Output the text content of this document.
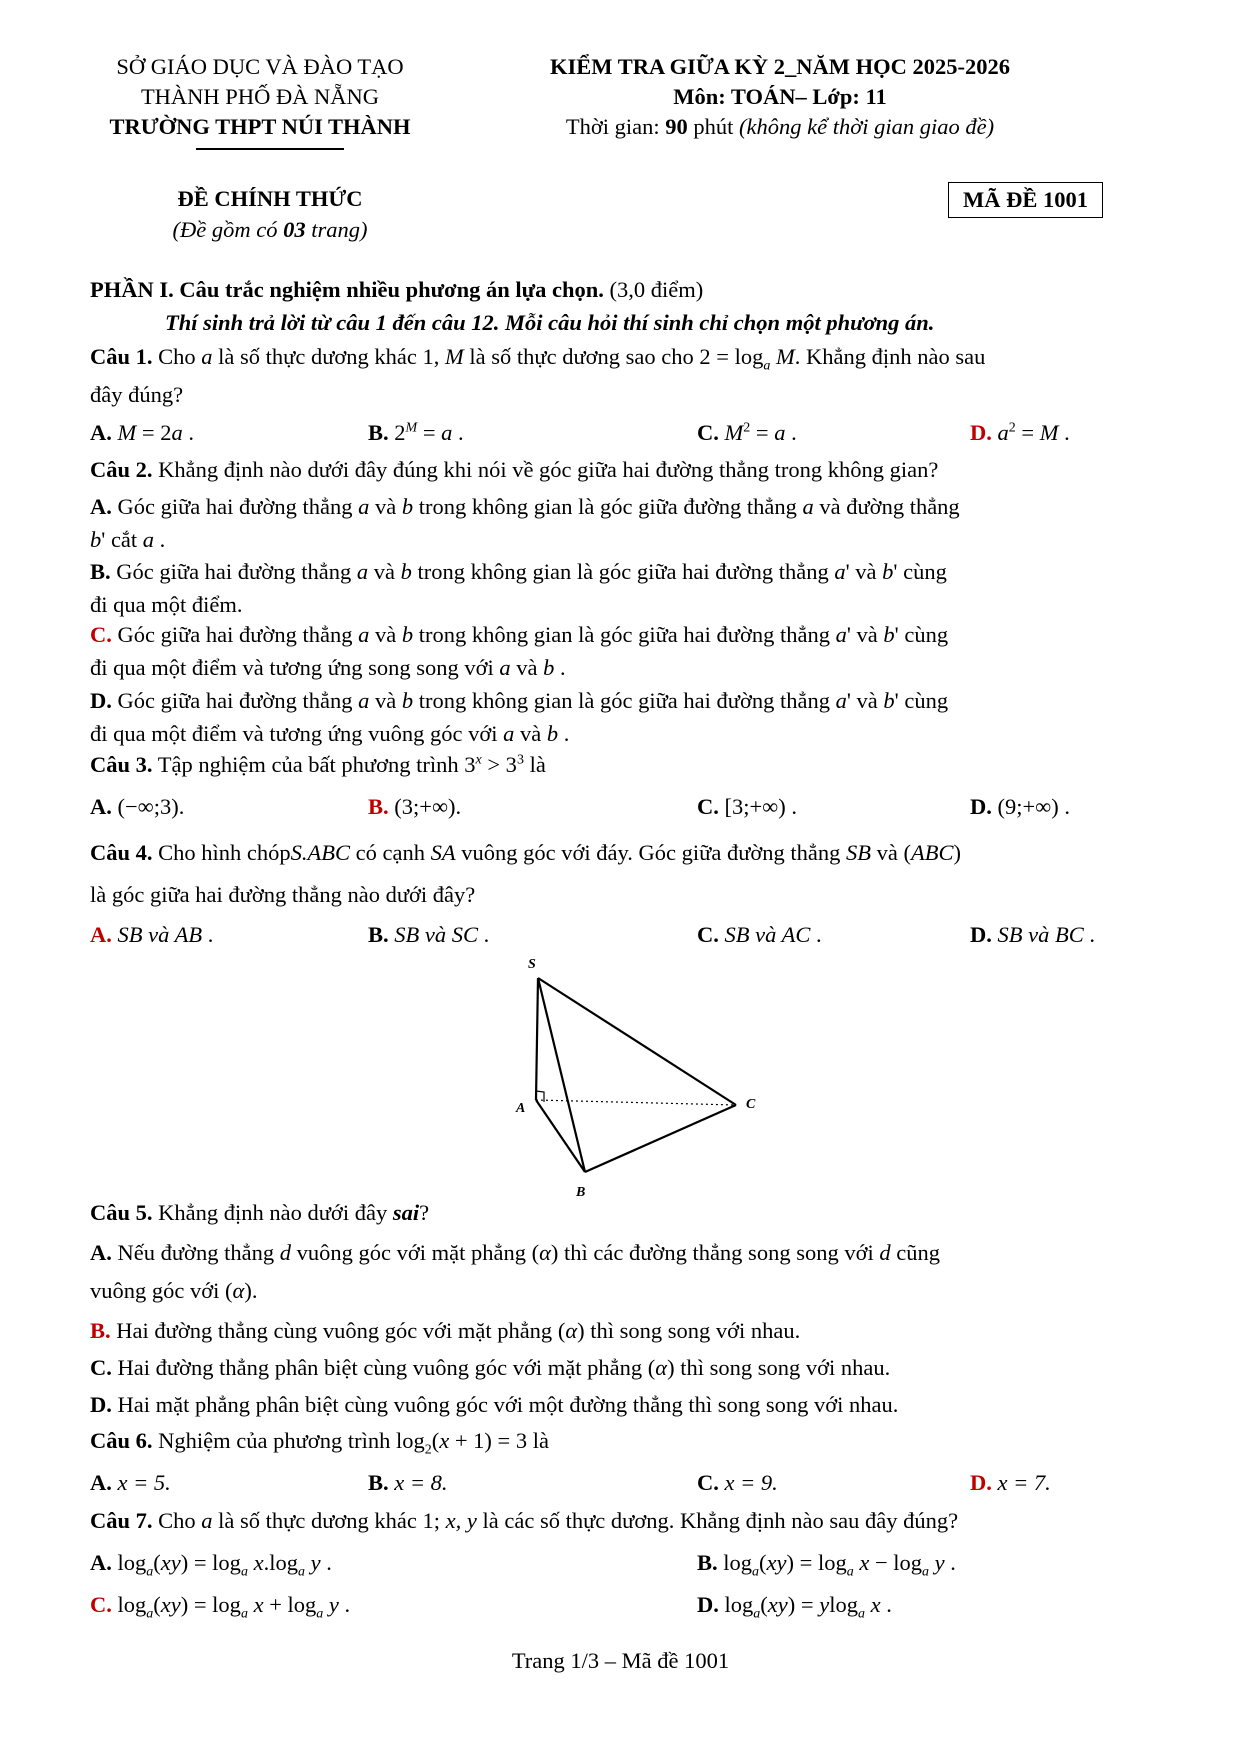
SỞ GIÁO DỤC VÀ ĐÀO TẠO
THÀNH PHỐ ĐÀ NẴNG
TRƯỜNG THPT NÚI THÀNH
KIỂM TRA GIỮA KỲ 2_NĂM HỌC 2025-2026
Môn: TOÁN– Lớp: 11
Thời gian: 90 phút (không kể thời gian giao đề)
ĐỀ CHÍNH THỨC
(Đề gồm có 03 trang)
MÃ ĐỀ 1001
PHẦN I. Câu trắc nghiệm nhiều phương án lựa chọn. (3,0 điểm)
Thí sinh trả lời từ câu 1 đến câu 12. Mỗi câu hỏi thí sinh chỉ chọn một phương án.
Câu 1. Cho a là số thực dương khác 1, M là số thực dương sao cho $2 = \log_a M$. Khẳng định nào sau
đây đúng?
A. M = 2a .	B. $2^M = a$ .	C. $M^2 = a$ .	D. $a^2 = M$ .
Câu 2. Khẳng định nào dưới đây đúng khi nói về góc giữa hai đường thẳng trong không gian?
A. Góc giữa hai đường thẳng a và b trong không gian là góc giữa đường thẳng a và đường thẳng
b' cắt a .
B. Góc giữa hai đường thẳng a và b trong không gian là góc giữa hai đường thẳng a' và b' cùng
đi qua một điểm.
C. Góc giữa hai đường thẳng a và b trong không gian là góc giữa hai đường thẳng a' và b' cùng
đi qua một điểm và tương ứng song song với a và b .
D. Góc giữa hai đường thẳng a và b trong không gian là góc giữa hai đường thẳng a' và b' cùng
đi qua một điểm và tương ứng vuông góc với a và b .
Câu 3. Tập nghiệm của bất phương trình $3^x > 3^3$ là
A. (−∞;3).	B. (3;+∞).	C. [3;+∞) .	D. (9;+∞) .
Câu 4. Cho hình chópS.ABC có cạnh SA vuông góc với đáy. Góc giữa đường thẳng SB và (ABC)
là góc giữa hai đường thẳng nào dưới đây?
A. SB và AB .	B. SB và SC .	C. SB và AC .	D. SB và BC .
S
A	C
B
Câu 5. Khẳng định nào dưới đây sai?
A. Nếu đường thẳng d vuông góc với mặt phẳng (α) thì các đường thẳng song song với d cũng
vuông góc với (α).
B. Hai đường thẳng cùng vuông góc với mặt phẳng (α) thì song song với nhau.
C. Hai đường thẳng phân biệt cùng vuông góc với mặt phẳng (α) thì song song với nhau.
D. Hai mặt phẳng phân biệt cùng vuông góc với một đường thẳng thì song song với nhau.
Câu 6. Nghiệm của phương trình $\log_2(x + 1) = 3$ là
A. x = 5.	B. x = 8.	C. x = 9.	D. x = 7.
Câu 7. Cho a là số thực dương khác 1; x, y là các số thực dương. Khẳng định nào sau đây đúng?
A. $\log_a(xy) = \log_a x.\log_a$ y .	B. $\log_a(xy) = \log_a x - \log_a y$ .
C. $\log_a(xy) = \log_a x + \log_a y$ .	D. $\log_a(xy) = ylog_a$ x .
Trang 1/3 – Mã đề 1001
